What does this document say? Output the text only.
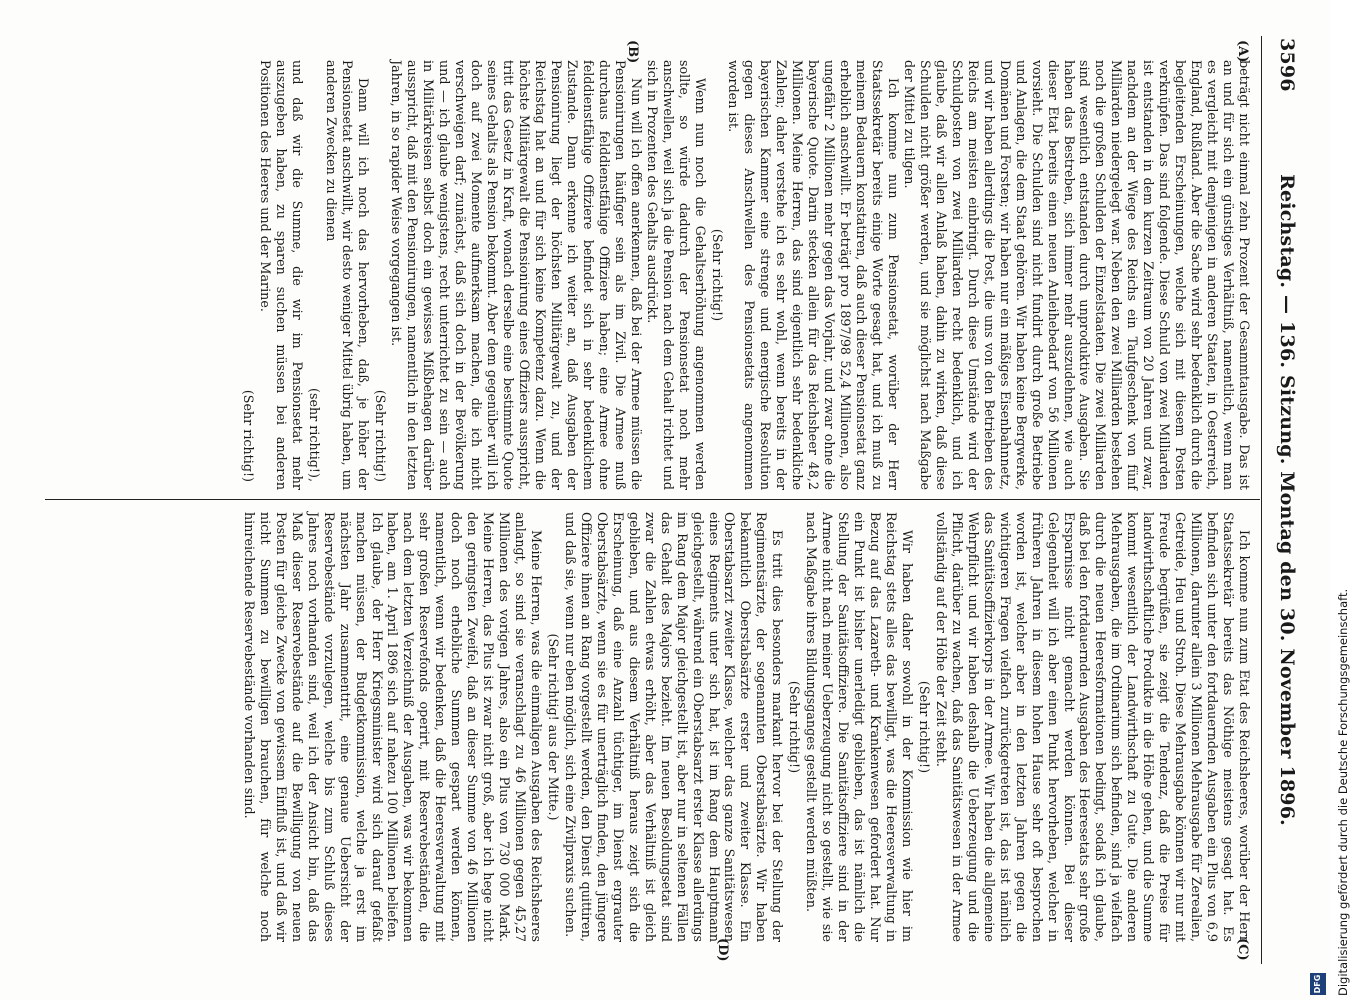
3596
Reichstag. — 136. Sitzung. Montag den 30. November 1896.
(A)
(B)
(C)
(D)

beträgt nicht einmal zehn Prozent der Gesammtausgabe. Das ist an und für sich ein günstiges Verhältniß, namentlich, wenn man es vergleicht mit demjenigen in anderen Staaten, in Oesterreich, England, Rußland. Aber die Sache wird sehr bedenklich durch die begleitenden Erscheinungen, welche sich mit diesem Posten verknüpfen. Das sind folgende. Diese Schuld von zwei Milliarden ist entstanden in dem kurzen Zeitraum von 20 Jahren und zwar, nachdem an der Wiege des Reichs ein Taufgeschenk von fünf Milliarden niedergelegt war. Neben den zwei Milliarden bestehen noch die großen Schulden der Einzelstaaten. Die zwei Milliarden sind wesentlich entstanden durch unproduktive Ausgaben. Sie haben das Bestreben, sich immer mehr auszudehnen, wie auch dieser Etat bereits einen neuen Anleihebedarf von 56 Millionen vorsieht. Die Schulden sind nicht fundirt durch große Betriebe und Anlagen, die dem Staat gehören. Wir haben keine Bergwerke, Domänen und Forsten; wir haben nur ein mäßiges Eisenbahnnetz, und wir haben allerdings die Post, die uns von den Betrieben des Reichs am meisten einbringt. Durch diese Umstände wird der Schuldposten von zwei Milliarden recht bedenklich, und ich glaube, daß wir allen Anlaß haben, dahin zu wirken, daß diese Schulden nicht größer werden, und sie möglichst nach Maßgabe der Mittel zu tilgen.

Ich komme nun zum Pensionsetat, worüber der Herr Staatssekretär bereits einige Worte gesagt hat, und ich muß zu meinem Bedauern konstatiren, daß auch dieser Pensionsetat ganz erheblich anschwillt. Er beträgt pro 1897/98 52,4 Millionen, also ungefähr 2 Millionen mehr gegen das Vorjahr, und zwar ohne die bayerische Quote. Darin stecken allein für das Reichsheer 48,2 Millionen. Meine Herren, das sind eigentlich sehr bedenkliche Zahlen; daher verstehe ich es sehr wohl, wenn bereits in der bayerischen Kammer eine strenge und energische Resolution gegen dieses Anschwellen des Pensionsetats angenommen worden ist.

(Sehr richtig!)

Wenn nun noch die Gehaltserhöhung angenommen werden sollte, so würde dadurch der Pensionsetat noch mehr anschwellen, weil sich ja die Pension nach dem Gehalt richtet und sich in Prozenten des Gehalts ausdrückt.

Nun will ich offen anerkennen, daß bei der Armee müssen die Pensionirungen häufiger sein als im Zivil. Die Armee muß durchaus felddienstfähige Offiziere haben; eine Armee ohne felddienstfähige Offiziere befindet sich in sehr bedenklichem Zustande. Dann erkenne ich weiter an, daß Ausgaben der Pensionirung liegt der höchsten Militärgewalt zu, und der Reichstag hat an und für sich keine Kompetenz dazu. Wenn die höchste Militärgewalt die Pensionirung eines Offiziers ausspricht, tritt das Gesetz in Kraft, wonach derselbe eine bestimmte Quote seines Gehalts als Pension bekommt. Aber dem gegenüber will ich doch auf zwei Momente aufmerksam machen, die ich nicht verschweigen darf; zunächst, daß sich doch in der Bevölkerung und — ich glaube wenigstens, recht unterrichtet zu sein — auch in Militärkreisen selbst doch ein gewisses Mißbehagen darüber ausspricht, daß mit den Pensionirungen, namentlich in den letzten Jahren, in so rapider Weise vorgegangen ist.

(Sehr richtig!)

Dann will ich noch das hervorheben, daß, je höher der Pensionsetat anschwillt, wir desto weniger Mittel übrig haben, um anderen Zwecken zu dienen

(sehr richtig!),

und daß wir die Summe, die wir im Pensionsetat mehr auszugeben haben, zu sparen suchen müssen bei anderen Positionen des Heeres und der Marine.

(Sehr richtig!)

Ich komme nun zum Etat des Reichsheeres, worüber der Herr Staatssekretär bereits das Nöthige meistens gesagt hat. Es befinden sich unter den fortdauernden Ausgaben ein Plus von 6,9 Millionen, darunter allein 3 Millionen Mehrausgabe für Zerealien, Getreide, Heu und Stroh. Diese Mehrausgabe können wir nur mit Freude begrüßen, sie zeigt die Tendenz, daß die Preise für landwirthschaftliche Produkte in die Höhe gehen, und die Summe kommt wesentlich der Landwirthschaft zu Gute. Die anderen Mehrausgaben, die im Ordinarium sich befinden, sind ja vielfach durch die neuen Heeresformationen bedingt, sodaß ich glaube, daß bei den fortdauernden Ausgaben des Heeresetats sehr große Ersparnisse nicht gemacht werden können. Bei dieser Gelegenheit will ich aber einen Punkt hervorheben, welcher in früheren Jahren in diesem hohen Hause sehr oft besprochen worden ist, welcher aber in den letzten Jahren gegen die wichtigeren Fragen vielfach zurückgetreten ist, das ist nämlich das Sanitätsoffizierkorps in der Armee. Wir haben die allgemeine Wehrpflicht und wir haben deshalb die Ueberzeugung und die Pflicht, darüber zu wachen, daß das Sanitätswesen in der Armee vollständig auf der Höhe der Zeit steht.

(Sehr richtig!)

Wir haben daher sowohl in der Kommission wie hier im Reichstag stets alles das bewilligt, was die Heeresverwaltung in Bezug auf das Lazareth- und Krankenwesen gefordert hat. Nur ein Punkt ist bisher unerledigt geblieben, das ist nämlich die Stellung der Sanitätsoffiziere. Die Sanitätsoffiziere sind in der Armee nicht nach meiner Ueberzeugung nicht so gestellt, wie sie nach Maßgabe ihres Bildungsganges gestellt werden müßten.

(Sehr richtig!)

Es tritt dies besonders markant hervor bei der Stellung der Regimentsärzte, der sogenannten Oberstabsärzte. Wir haben bekanntlich Oberstabsärzte erster und zweiter Klasse. Ein Oberstabsarzt zweiter Klasse, welcher das ganze Sanitätswesen eines Regiments unter sich hat, ist im Rang dem Hauptmann gleichgestellt, während ein Oberstabsarzt erster Klasse allerdings im Rang dem Major gleichgestellt ist, aber nur in seltenen Fällen das Gehalt des Majors bezieht. Im neuen Besoldungsetat sind zwar die Zahlen etwas erhöht, aber das Verhältniß ist gleich geblieben, und aus diesem Verhältniß heraus zeigt sich die Erscheinung, daß eine Anzahl tüchtiger, im Dienst ergrauter Oberstabsärzte, wenn sie es für unerträglich finden, den jüngere Offiziere ihnen an Rang vorgestellt werden, den Dienst quittiren, und daß sie, wenn nur eben möglich, sich eine Zivilpraxis suchen.

(Sehr richtig! aus der Mitte.)

Meine Herren, was die einmaligen Ausgaben des Reichsheeres anlangt, so sind sie veranschlagt zu 46 Millionen gegen 45,27 Millionen des vorigen Jahres, also ein Plus von 730 000 Mark. Meine Herren, das Plus ist zwar nicht groß, aber ich hege nicht den geringsten Zweifel, daß an dieser Summe von 46 Millionen doch noch erhebliche Summen gespart werden können, namentlich, wenn wir bedenken, daß die Heeresverwaltung mit sehr großen Reservefonds operirt, mit Reservebeständen, die nach dem letzten Verzeichniß der Ausgaben, was wir bekommen haben, am 1. April 1896 sich auf nahezu 100 Millionen beliefen. Ich glaube, der Herr Kriegsminister wird sich darauf gefaßt machen müssen, der Budgetkommission, welche ja erst im nächsten Jahr zusammentritt, eine genaue Uebersicht der Reservebestände vorzulegen, welche bis zum Schluß dieses Jahres noch vorhanden sind, weil ich der Ansicht bin, daß das Maß dieser Reservebestände auf die Bewilligung von neuen Posten für gleiche Zwecke von gewissem Einfluß ist, und daß wir nicht Summen zu bewilligen brauchen, für welche noch hinreichende Reservebestände vorhanden sind.	Digitalisierung gefördert durch die Deutsche Forschungsgemeinschaft.
DFG
